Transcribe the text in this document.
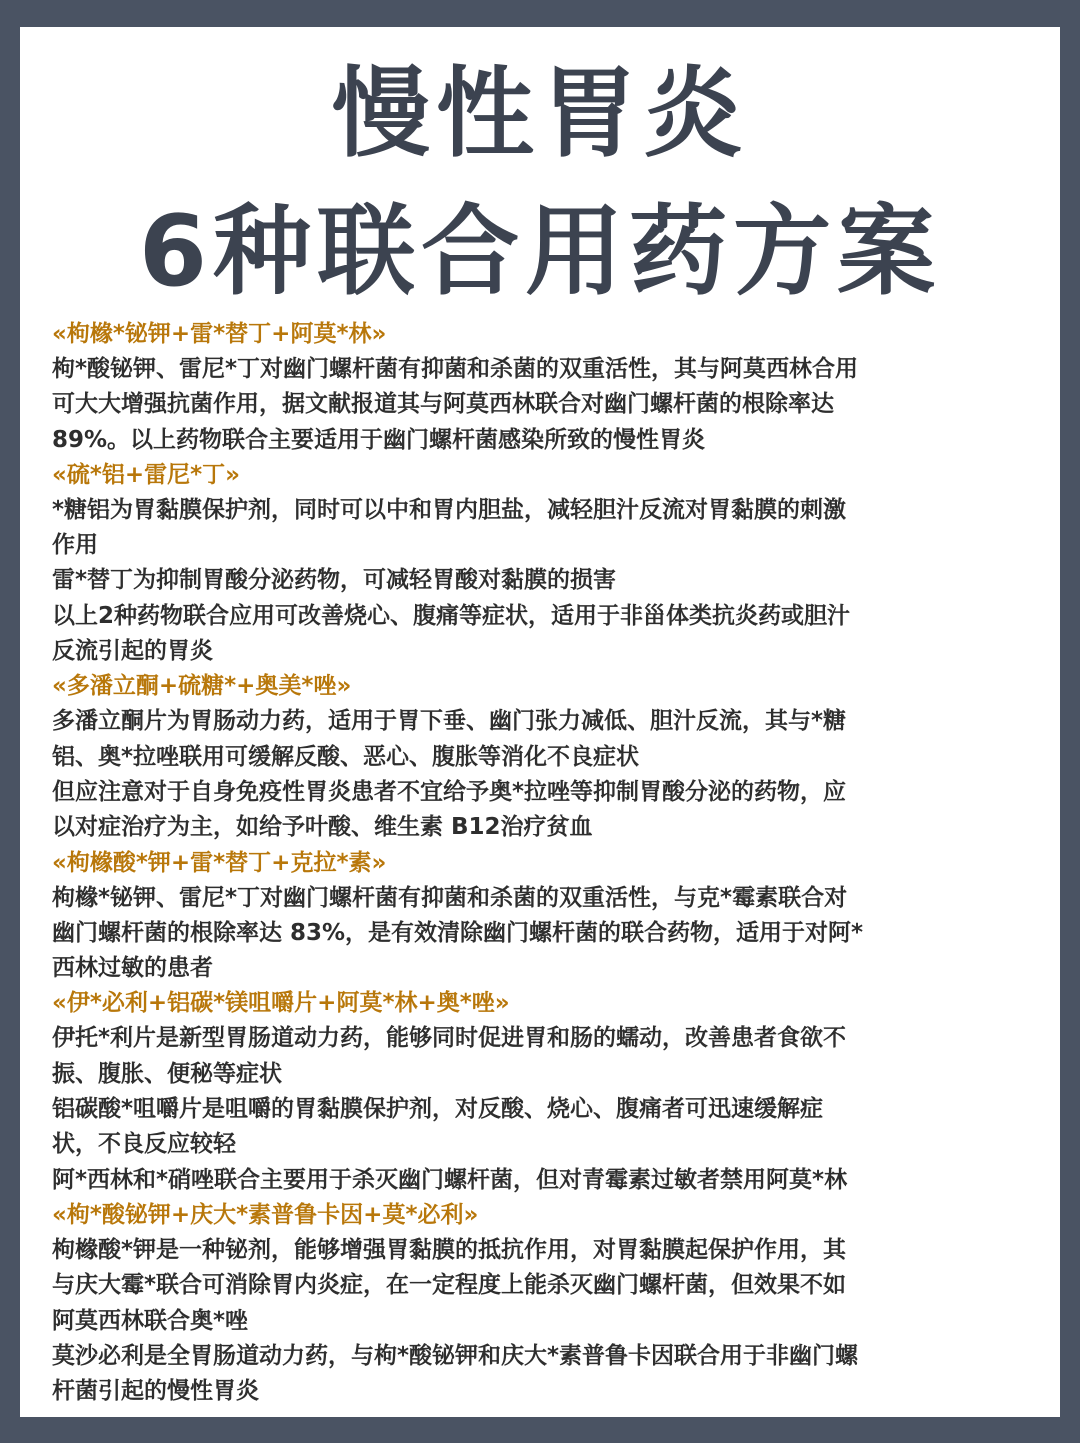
慢性胃炎
6种联合用药方案
«枸橼*铋钾+雷*替丁+阿莫*林»
枸*酸铋钾、雷尼*丁对幽门螺杆菌有抑菌和杀菌的双重活性，其与阿莫西林合用
可大大增强抗菌作用，据文献报道其与阿莫西林联合对幽门螺杆菌的根除率达
89%。以上药物联合主要适用于幽门螺杆菌感染所致的慢性胃炎
«硫*铝+雷尼*丁»
*糖铝为胃黏膜保护剂，同时可以中和胃内胆盐，减轻胆汁反流对胃黏膜的刺激
作用
雷*替丁为抑制胃酸分泌药物，可减轻胃酸对黏膜的损害
以上2种药物联合应用可改善烧心、腹痛等症状，适用于非甾体类抗炎药或胆汁
反流引起的胃炎
«多潘立酮+硫糖*+奥美*唑»
多潘立酮片为胃肠动力药，适用于胃下垂、幽门张力减低、胆汁反流，其与*糖
铝、奥*拉唑联用可缓解反酸、恶心、腹胀等消化不良症状
但应注意对于自身免疫性胃炎患者不宜给予奥*拉唑等抑制胃酸分泌的药物，应
以对症治疗为主，如给予叶酸、维生素 B12治疗贫血
«枸橼酸*钾+雷*替丁+克拉*素»
枸橼*铋钾、雷尼*丁对幽门螺杆菌有抑菌和杀菌的双重活性，与克*霉素联合对
幽门螺杆菌的根除率达 83%，是有效清除幽门螺杆菌的联合药物，适用于对阿*
西林过敏的患者
«伊*必利+铝碳*镁咀嚼片+阿莫*林+奥*唑»
伊托*利片是新型胃肠道动力药，能够同时促进胃和肠的蠕动，改善患者食欲不
振、腹胀、便秘等症状
铝碳酸*咀嚼片是咀嚼的胃黏膜保护剂，对反酸、烧心、腹痛者可迅速缓解症
状，不良反应较轻
阿*西林和*硝唑联合主要用于杀灭幽门螺杆菌，但对青霉素过敏者禁用阿莫*林
«枸*酸铋钾+庆大*素普鲁卡因+莫*必利»
枸橼酸*钾是一种铋剂，能够增强胃黏膜的抵抗作用，对胃黏膜起保护作用，其
与庆大霉*联合可消除胃内炎症，在一定程度上能杀灭幽门螺杆菌，但效果不如
阿莫西林联合奥*唑
莫沙必利是全胃肠道动力药，与枸*酸铋钾和庆大*素普鲁卡因联合用于非幽门螺
杆菌引起的慢性胃炎
